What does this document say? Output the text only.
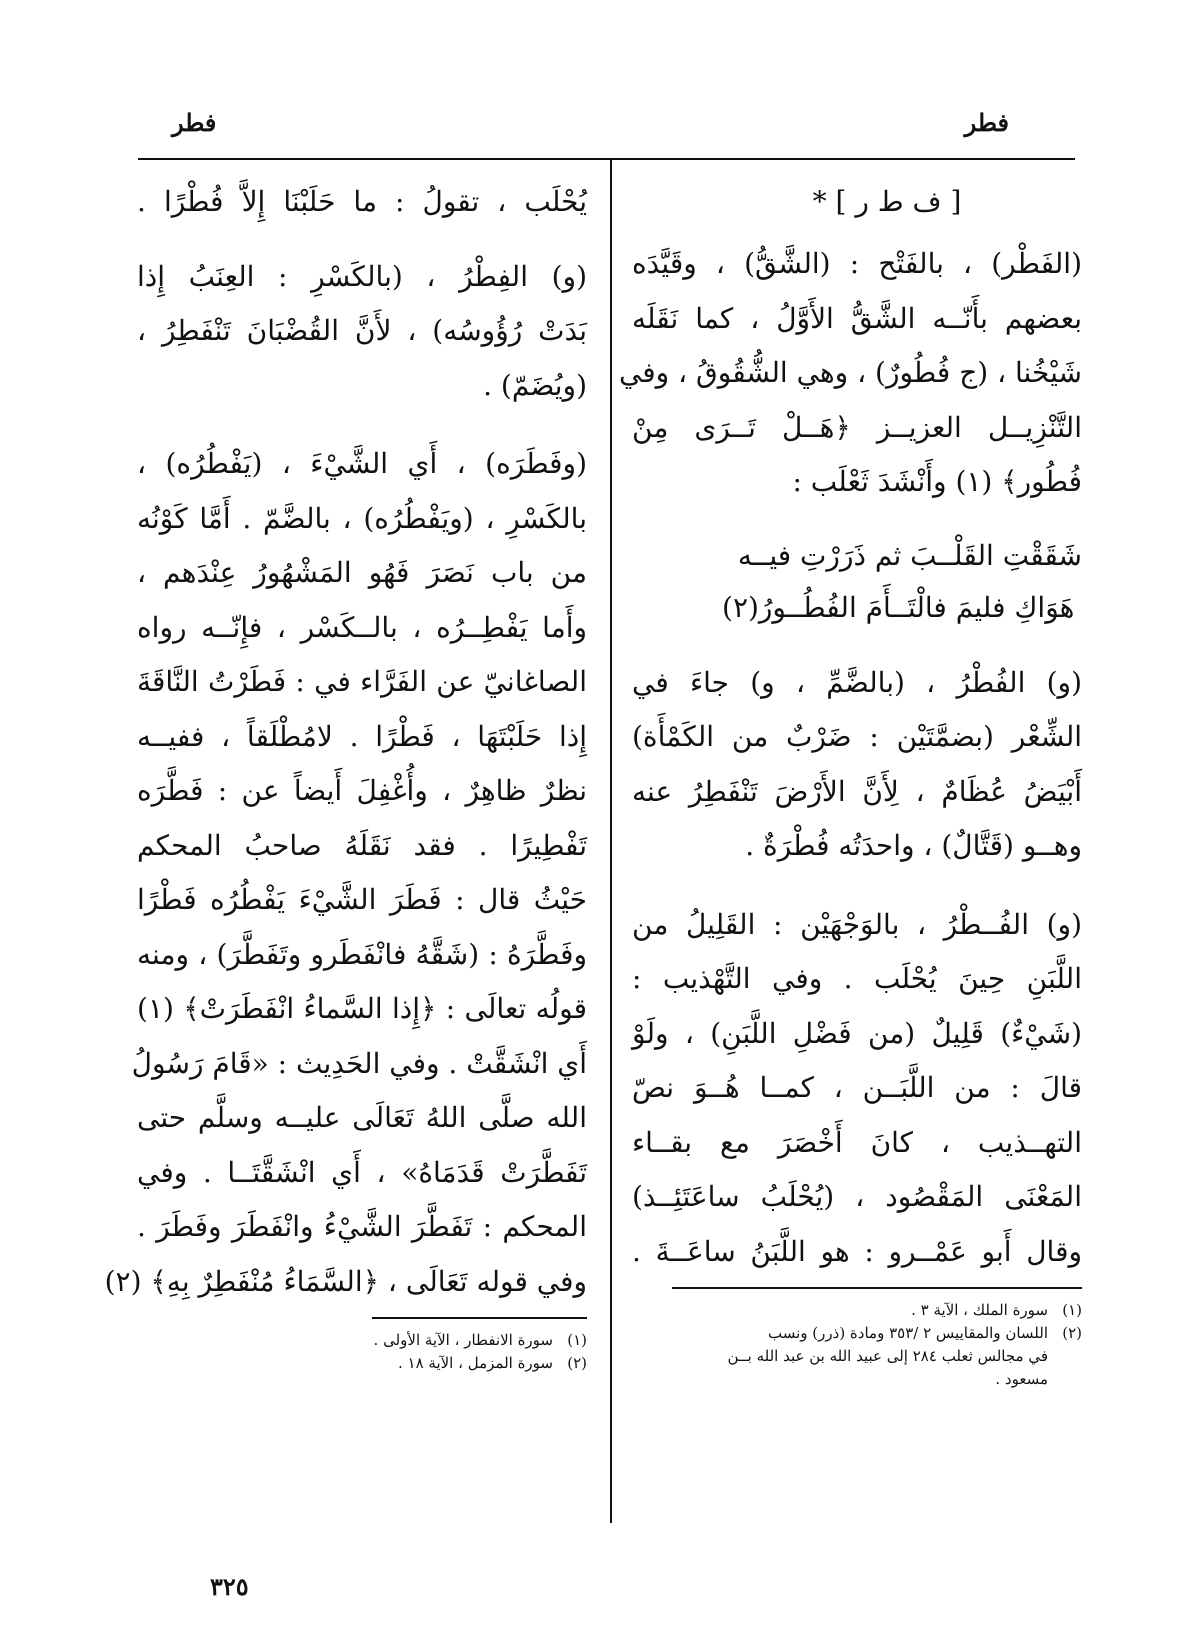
فطر
فطر
[ ف ط ر ] *
(الفَطْر) ، بالفَتْح : (الشَّقُّ) ، وقَيَّدَه
بعضهم بأَنّــه الشَّقُّ الأَوَّلُ ، كما نَقَلَه
شَيْخُنا ، (ج فُطُورٌ) ، وهي الشُّقُوقُ ، وفي
التَّنْزِيــل العزيــز ﴿هَــلْ تَــرَى مِنْ
فُطُور﴾ (١) وأَنْشَدَ ثَعْلَب :
شَقَقْتِ القَلْــبَ ثم ذَرَرْتِ فيــه
هَوَاكِ فليمَ فالْتَــأَمَ الفُطُــورُ(٢)
(و) الفُطْرُ ، (بالضَّمِّ ، و) جاءَ في
الشِّعْر (بضمَّتَيْن : ضَرْبٌ من الكَمْأَة)
أَبْيَضُ عُظَامٌ ، لِأَنَّ الأَرْضَ تَنْفَطِرُ عنه
وهــو (قَتَّالٌ) ، واحدَتُه فُطْرَةٌ .
(و) الفُــطْرُ ، بالوَجْهَيْن : القَلِيلُ من
اللَّبَنِ حِينَ يُحْلَب . وفي التَّهْذيب :
(شَيْءٌ) قَلِيلٌ (من فَضْلِ اللَّبَنِ) ، ولَوْ
قالَ : من اللَّبَــن ، كمــا هُــوَ نصّ
التهــذيب ، كانَ أَخْصَرَ مع بقــاء
المَعْنَى المَقْصُود ، (يُحْلَبُ ساعَتَئِــذ)
وقال أَبو عَمْــرو : هو اللَّبَنُ ساعَــةَ .
(١)سورة الملك ، الآية ٣ .
(٢)اللسان والمقاييس ٢ /٣٥٣ ومادة (ذرر) ونسب
في مجالس ثعلب ٢٨٤ إلى عبيد الله بن عبد الله بــن
مسعود .
يُحْلَب ، تقولُ : ما حَلَبْنَا إِلاَّ فُطْرًا .
(و) الفِطْرُ ، (بالكَسْرِ : العِنَبُ إِذا
بَدَتْ رُؤُوسُه) ، لأَنَّ القُضْبَانَ تَنْفَطِرُ ،
(ويُضَمّ) .
(وفَطَرَه) ، أَي الشَّيْءَ ، (يَفْطُرُه) ،
بالكَسْرِ ، (ويَفْطُرُه) ، بالضَّمّ . أَمَّا كَوْنُه
من باب نَصَرَ فَهُو المَشْهُورُ عِنْدَهم ،
وأَما يَفْطِــرُه ، بالــكَسْر ، فإِنّــه رواه
الصاغانيّ عن الفَرَّاء في : فَطَرْتُ النَّاقَةَ
إِذا حَلَبْتَهَا ، فَطْرًا . لامُطْلَقاً ، ففيــه
نظرٌ ظاهِرٌ ، وأُغْفِلَ أَيضاً عن : فَطَّرَه
تَفْطِيرًا . فقد نَقَلَهُ صاحبُ المحكم
حَيْثُ قال : فَطَرَ الشَّيْءَ يَفْطُرُه فَطْرًا
وفَطَّرَهُ : (شَقَّهُ فانْفَطَرو وتَفَطَّرَ) ، ومنه
قولُه تعالَى : ﴿إِذا السَّماءُ انْفَطَرَتْ﴾ (١)
أَي انْشَقَّتْ . وفي الحَدِيث : «قَامَ رَسُولُ
الله صلَّى اللهُ تَعَالَى عليــه وسلَّم حتى
تَفَطَّرَتْ قَدَمَاهُ» ، أَي انْشَقَّتَــا . وفي
المحكم : تَفَطَّرَ الشَّيْءُ وانْفَطَرَ وفَطَرَ .
وفي قوله تَعَالَى ، ﴿السَّمَاءُ مُنْفَطِرٌ بِهِ﴾ (٢)
(١)سورة الانفطار ، الآية الأولى .
(٢)سورة المزمل ، الآية ١٨ .
٣٢٥
